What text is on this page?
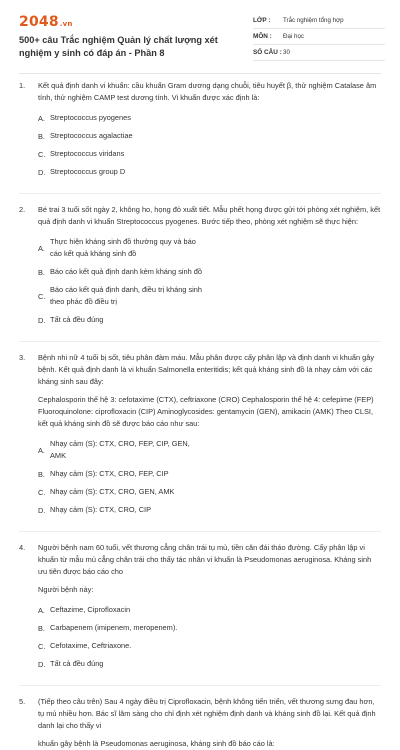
2048.vn
500+ câu Trắc nghiệm Quản lý chất lượng xét nghiệm y sinh có đáp án - Phần 8
LỚP :	Trắc nghiệm tổng hợp
MÔN :	Đại học
SỐ CÂU : 30
1.	Kết quả định danh vi khuẩn: cầu khuẩn Gram dương dạng chuỗi, tiêu huyết β, thử nghiệm Catalase âm tính, thử nghiệm CAMP test dương tính. Vi khuẩn được xác định là:
A. Streptococcus pyogenes
B. Streptococcus agalactiae
C. Streptococcus viridans
D. Streptococcus group D
2.	Bé trai 3 tuổi sốt ngày 2, không ho, họng đỏ xuất tiết. Mẫu phết họng được gửi tới phòng xét nghiệm, kết quả định danh vi khuẩn Streptococcus pyogenes. Bước tiếp theo, phòng xét nghiệm sẽ thực hiện:
A.
Thực hiện kháng sinh đồ thường quy và báo cáo kết quả kháng sinh đồ
B. Báo cáo kết quả định danh kèm kháng sinh đồ
C.
Báo cáo kết quả định danh, điều trị kháng sinh theo phác đồ điều trị
D. Tất cả đều đúng
3.	Bệnh nhi nữ 4 tuổi bị sốt, tiêu phân đàm máu. Mẫu phân được cấy phân lập và định danh vi khuẩn gây bệnh. Kết quả định danh là vi khuẩn Salmonella enteritidis; kết quả kháng sinh đồ là nhạy cảm với các kháng sinh sau đây:
Cephalosporin thế hệ 3: cefotaxime (CTX), ceftriaxone (CRO) Cephalosporin thế hệ 4: cefepime (FEP) Fluoroquinolone: ciprofloxacin (CIP) Aminoglycosides: gentamycin (GEN), amikacin (AMK) Theo CLSI, kết quả kháng sinh đồ sẽ được báo cáo như sau:
A.
Nhạy cảm (S): CTX, CRO, FEP, CIP, GEN, AMK
B. Nhạy cảm (S): CTX, CRO, FEP, CIP
C. Nhạy cảm (S): CTX, CRO, GEN, AMK
D. Nhạy cảm (S): CTX, CRO, CIP
4.	Người bệnh nam 60 tuổi, vết thương cẳng chân trái tụ mủ, tiền căn đái tháo đường. Cấy phân lập vi khuẩn từ mẫu mủ cẳng chân trái cho thấy tác nhân vi khuẩn là Pseudomonas aeruginosa. Kháng sinh ưu tiên được báo cáo cho
Người bệnh này:
A. Ceftazime, Ciprofloxacin
B. Carbapenem (imipenem, meropenem).
C. Cefotaxime, Ceftriaxone.
D. Tất cả đều đúng
5.	(Tiếp theo câu trên) Sau 4 ngày điều trị Ciprofloxacin, bệnh không tiến triển, vết thương sưng đau hơn, tụ mủ nhiều hơn. Bác sĩ lâm sàng cho chỉ định xét nghiệm định danh và kháng sinh đồ lại. Kết quả định danh lại cho thấy vi
khuẩn gây bệnh là Pseudomonas aeruginosa, kháng sinh đồ báo cáo là:
